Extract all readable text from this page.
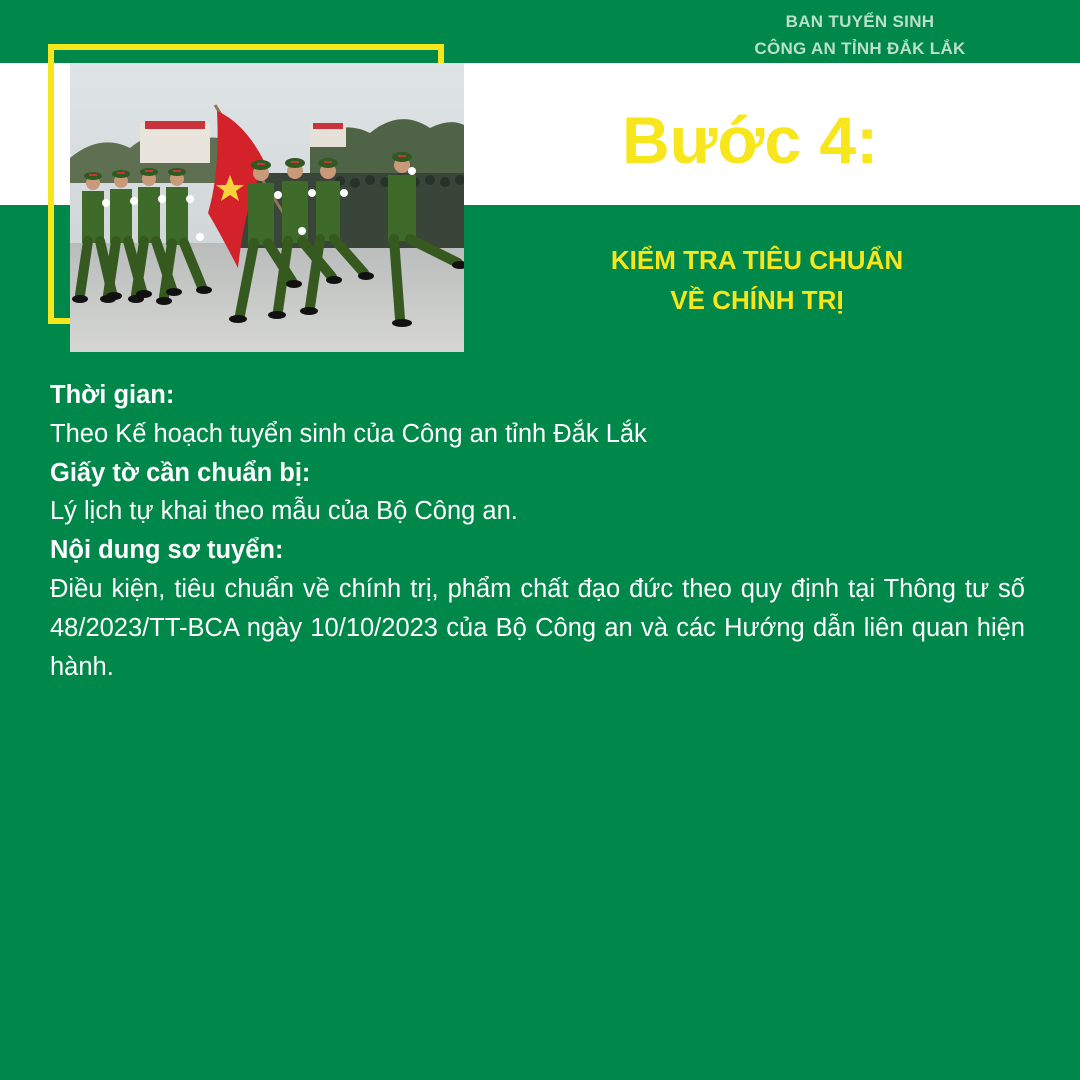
BAN TUYỂN SINH
CÔNG AN TỈNH ĐẮK LẮK
Bước 4:
KIỂM TRA TIÊU CHUẨN
VỀ CHÍNH TRỊ
Thời gian:
Theo Kế hoạch tuyển sinh của Công an tỉnh Đắk Lắk
Giấy tờ cần chuẩn bị:
Lý lịch tự khai theo mẫu của Bộ Công an.
Nội dung sơ tuyển:
Điều kiện, tiêu chuẩn về chính trị, phẩm chất đạo đức theo quy định tại Thông tư số 48/2023/TT-BCA ngày 10/10/2023 của Bộ Công an và các Hướng dẫn liên quan hiện hành.
